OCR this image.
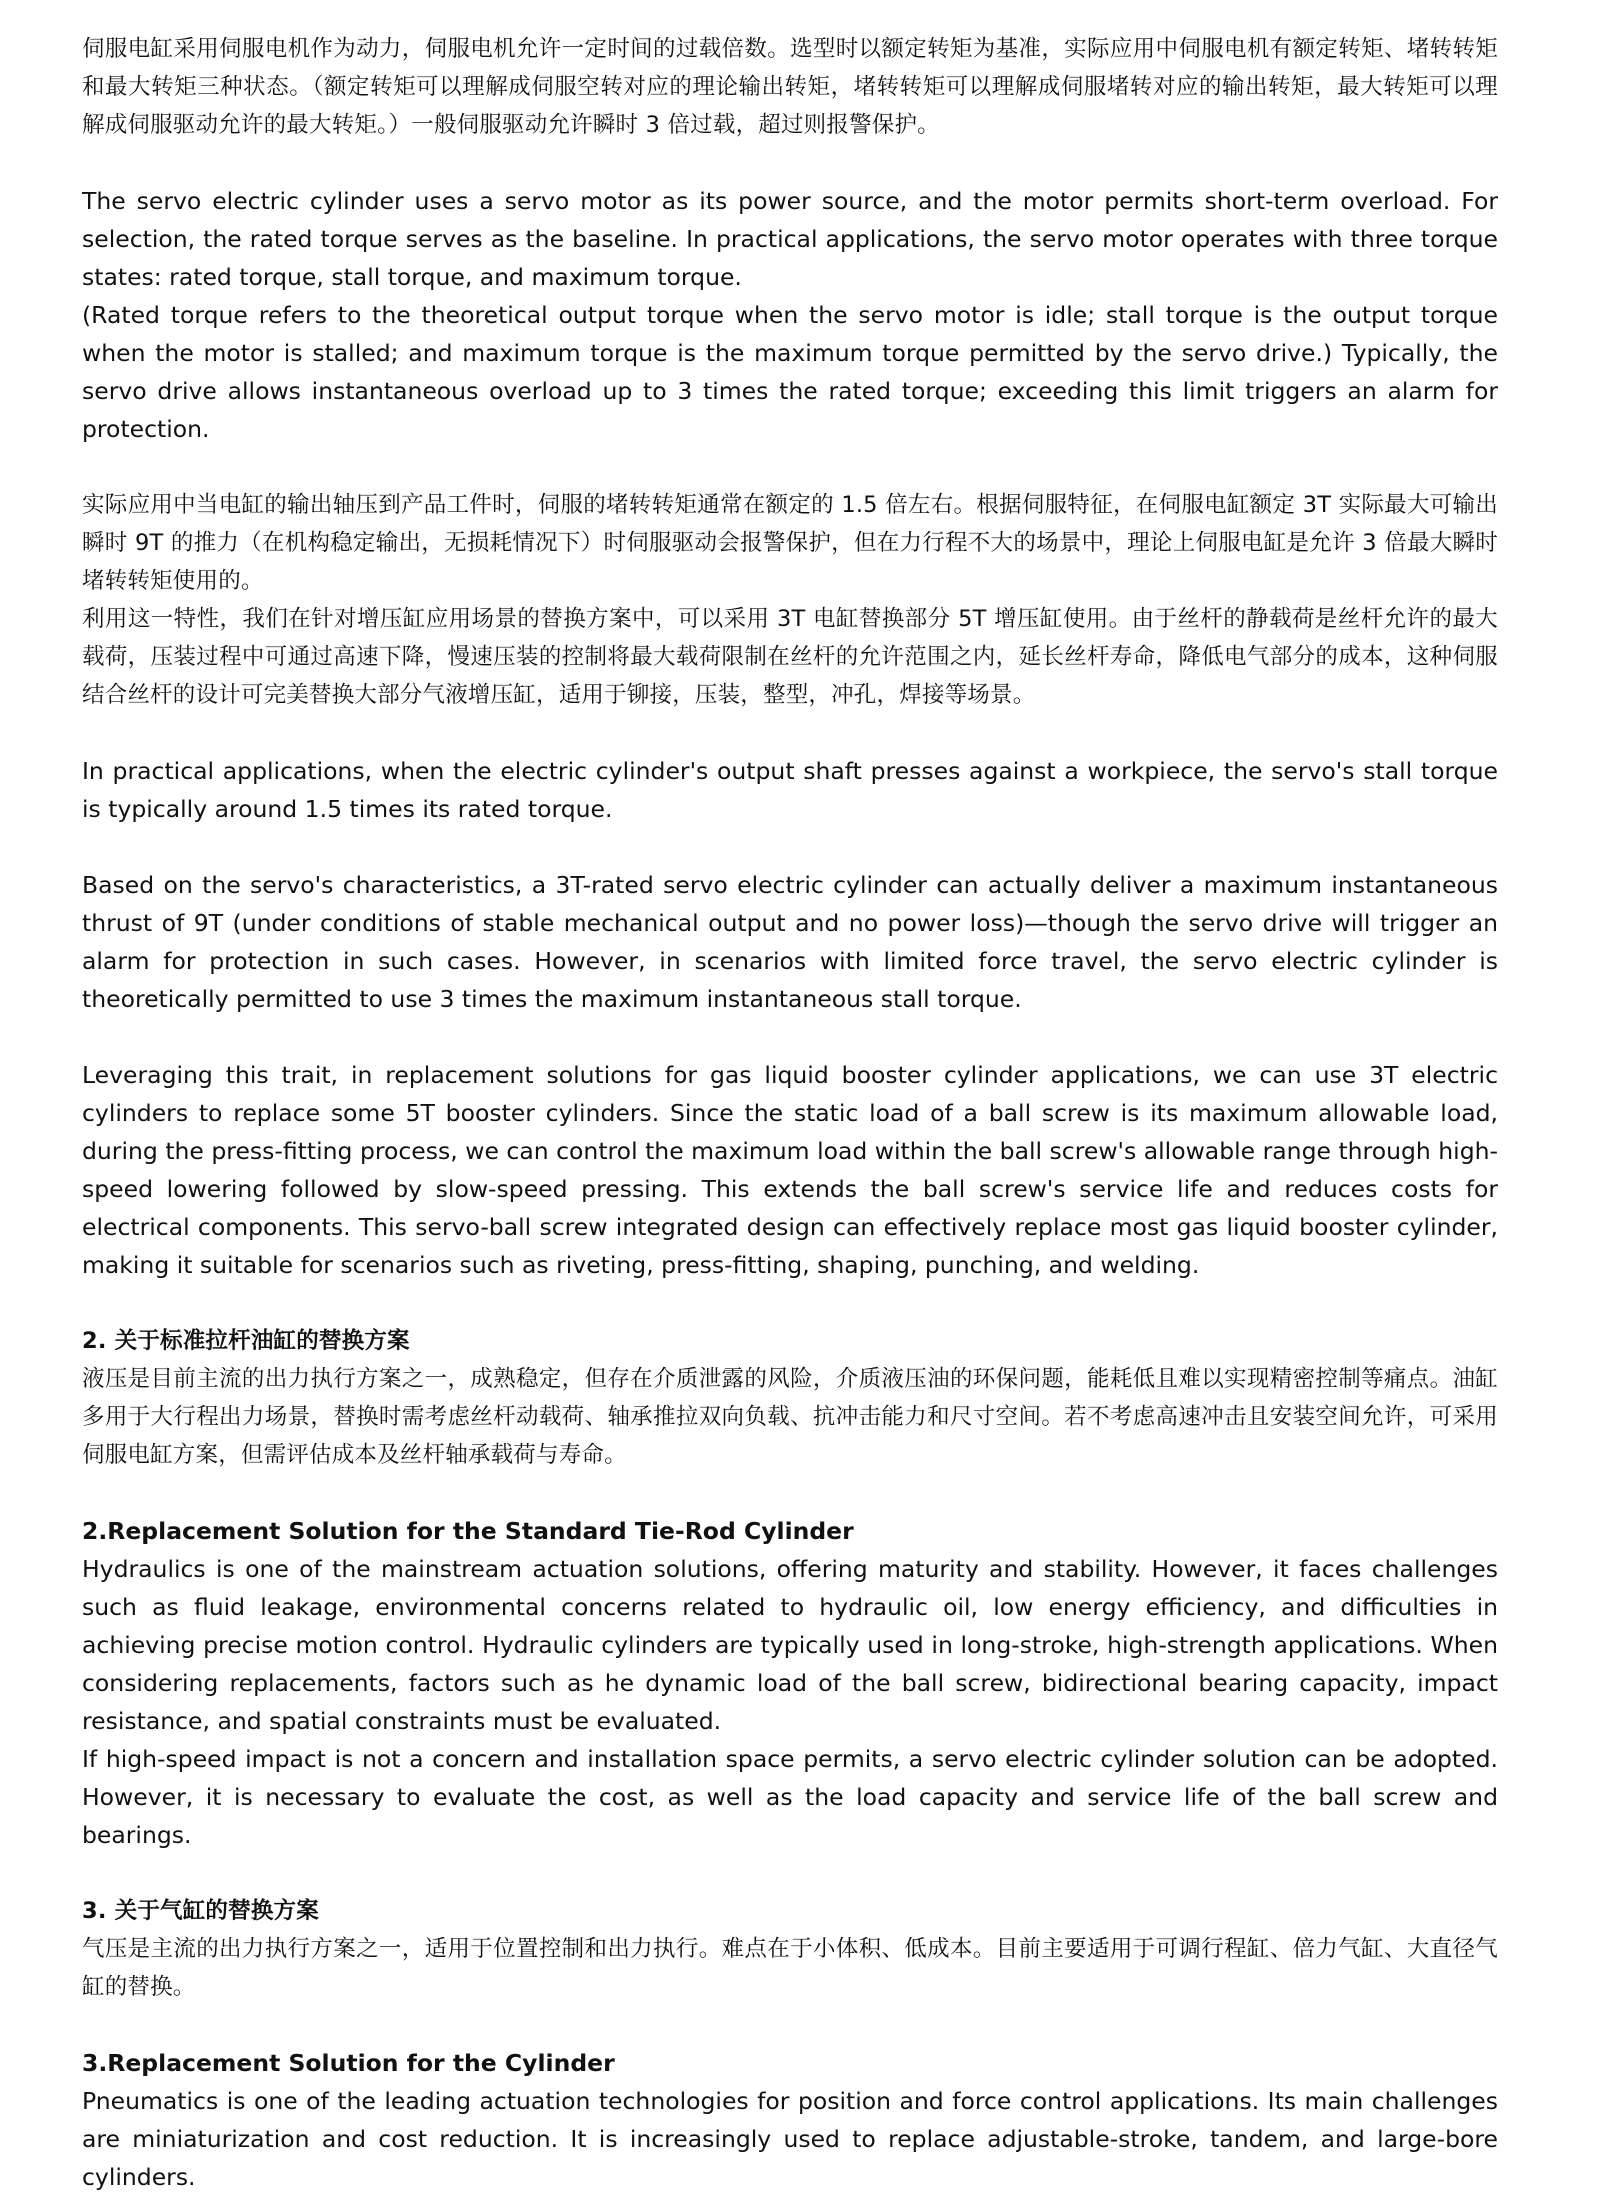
伺服电缸采用伺服电机作为动力，伺服电机允许一定时间的过载倍数。选型时以额定转矩为基准，实际应用中伺服电机有额定转矩、堵转转矩和最大转矩三种状态。（额定转矩可以理解成伺服空转对应的理论输出转矩，堵转转矩可以理解成伺服堵转对应的输出转矩，最大转矩可以理解成伺服驱动允许的最大转矩。）一般伺服驱动允许瞬时 3 倍过载，超过则报警保护。

The servo electric cylinder uses a servo motor as its power source, and the motor permits short-term overload. For selection, the rated torque serves as the baseline. In practical applications, the servo motor operates with three torque states: rated torque, stall torque, and maximum torque.

(Rated torque refers to the theoretical output torque when the servo motor is idle; stall torque is the output torque when the motor is stalled; and maximum torque is the maximum torque permitted by the servo drive.) Typically, the servo drive allows instantaneous overload up to 3 times the rated torque; exceeding this limit triggers an alarm for protection.

实际应用中当电缸的输出轴压到产品工件时，伺服的堵转转矩通常在额定的 1.5 倍左右。根据伺服特征，在伺服电缸额定 3T 实际最大可输出瞬时 9T 的推力（在机构稳定输出，无损耗情况下）时伺服驱动会报警保护，但在力行程不大的场景中，理论上伺服电缸是允许 3 倍最大瞬时堵转转矩使用的。

利用这一特性，我们在针对增压缸应用场景的替换方案中，可以采用 3T 电缸替换部分 5T 增压缸使用。由于丝杆的静载荷是丝杆允许的最大载荷，压装过程中可通过高速下降，慢速压装的控制将最大载荷限制在丝杆的允许范围之内，延长丝杆寿命，降低电气部分的成本，这种伺服结合丝杆的设计可完美替换大部分气液增压缸，适用于铆接，压装，整型，冲孔，焊接等场景。

In practical applications, when the electric cylinder's output shaft presses against a workpiece, the servo's stall torque is typically around 1.5 times its rated torque.

Based on the servo's characteristics, a 3T-rated servo electric cylinder can actually deliver a maximum instantaneous thrust of 9T (under conditions of stable mechanical output and no power loss)—though the servo drive will trigger an alarm for protection in such cases. However, in scenarios with limited force travel, the servo electric cylinder is theoretically permitted to use 3 times the maximum instantaneous stall torque.

Leveraging this trait, in replacement solutions for gas liquid booster cylinder applications, we can use 3T electric cylinders to replace some 5T booster cylinders. Since the static load of a ball screw is its maximum allowable load, during the press-fitting process, we can control the maximum load within the ball screw's allowable range through high-speed lowering followed by slow-speed pressing. This extends the ball screw's service life and reduces costs for electrical components. This servo-ball screw integrated design can effectively replace most gas liquid booster cylinder, making it suitable for scenarios such as riveting, press-fitting, shaping, punching, and welding.

2. 关于标准拉杆油缸的替换方案

液压是目前主流的出力执行方案之一，成熟稳定，但存在介质泄露的风险，介质液压油的环保问题，能耗低且难以实现精密控制等痛点。油缸多用于大行程出力场景，替换时需考虑丝杆动载荷、轴承推拉双向负载、抗冲击能力和尺寸空间。若不考虑高速冲击且安装空间允许，可采用伺服电缸方案，但需评估成本及丝杆轴承载荷与寿命。

2.Replacement Solution for the Standard Tie-Rod Cylinder

Hydraulics is one of the mainstream actuation solutions, offering maturity and stability. However, it faces challenges such as fluid leakage, environmental concerns related to hydraulic oil, low energy efficiency, and difficulties in achieving precise motion control. Hydraulic cylinders are typically used in long-stroke, high-strength applications. When considering replacements, factors such as he dynamic load of the ball screw, bidirectional bearing capacity, impact resistance, and spatial constraints must be evaluated.

If high-speed impact is not a concern and installation space permits, a servo electric cylinder solution can be adopted. However, it is necessary to evaluate the cost, as well as the load capacity and service life of the ball screw and bearings.

3. 关于气缸的替换方案

气压是主流的出力执行方案之一，适用于位置控制和出力执行。难点在于小体积、低成本。目前主要适用于可调行程缸、倍力气缸、大直径气缸的替换。

3.Replacement Solution for the Cylinder

Pneumatics is one of the leading actuation technologies for position and force control applications. Its main challenges are miniaturization and cost reduction. It is increasingly used to replace adjustable-stroke, tandem, and large-bore cylinders.
